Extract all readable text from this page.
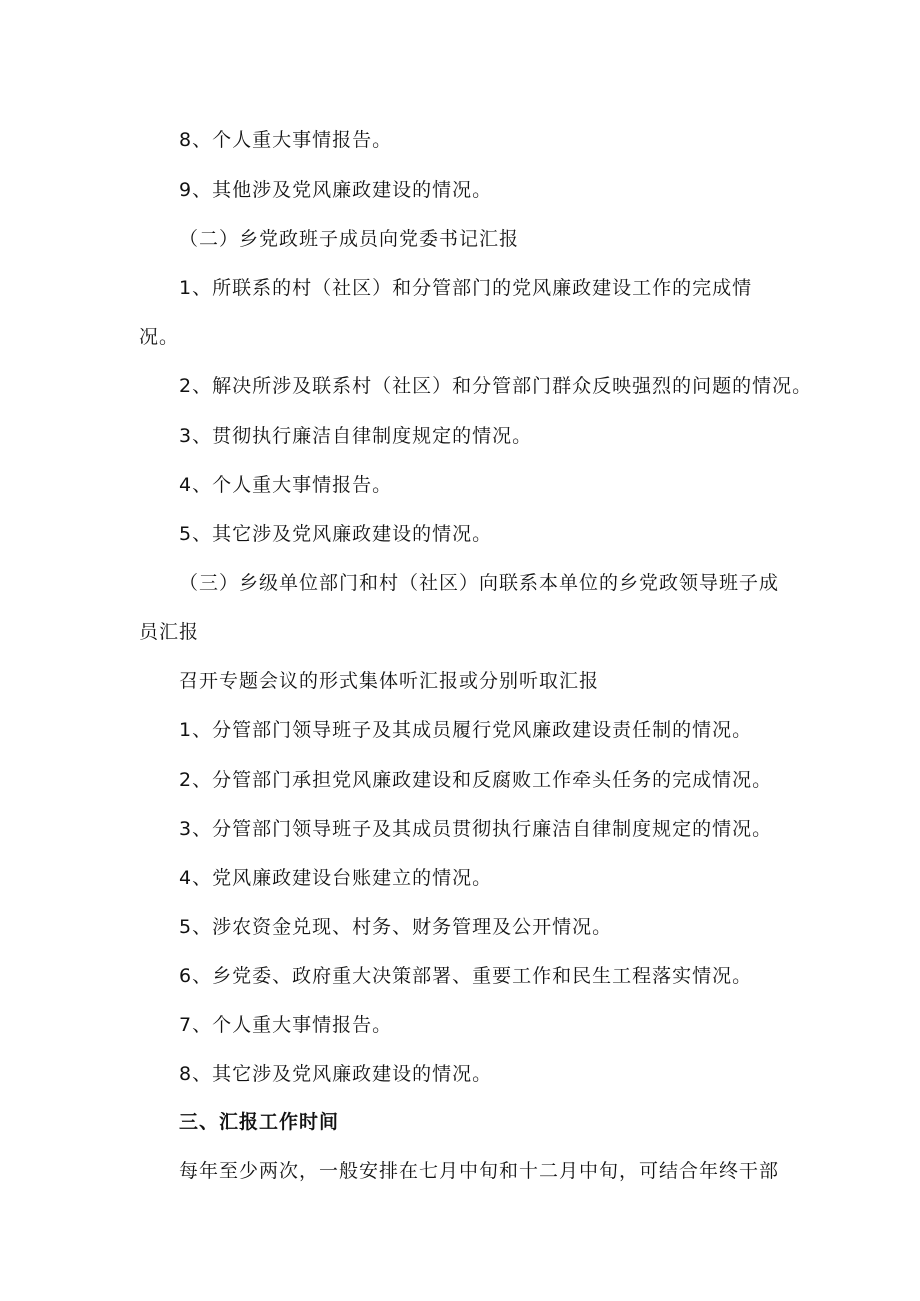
8、个人重大事情报告。
9、其他涉及党风廉政建设的情况。
（二）乡党政班子成员向党委书记汇报
1、所联系的村（社区）和分管部门的党风廉政建设工作的完成情
况。
2、解决所涉及联系村（社区）和分管部门群众反映强烈的问题的情况。
3、贯彻执行廉洁自律制度规定的情况。
4、个人重大事情报告。
5、其它涉及党风廉政建设的情况。
（三）乡级单位部门和村（社区）向联系本单位的乡党政领导班子成
员汇报
召开专题会议的形式集体听汇报或分别听取汇报
1、分管部门领导班子及其成员履行党风廉政建设责任制的情况。
2、分管部门承担党风廉政建设和反腐败工作牵头任务的完成情况。
3、分管部门领导班子及其成员贯彻执行廉洁自律制度规定的情况。
4、党风廉政建设台账建立的情况。
5、涉农资金兑现、村务、财务管理及公开情况。
6、乡党委、政府重大决策部署、重要工作和民生工程落实情况。
7、个人重大事情报告。
8、其它涉及党风廉政建设的情况。
三、汇报工作时间
每年至少两次，一般安排在七月中旬和十二月中旬，可结合年终干部
